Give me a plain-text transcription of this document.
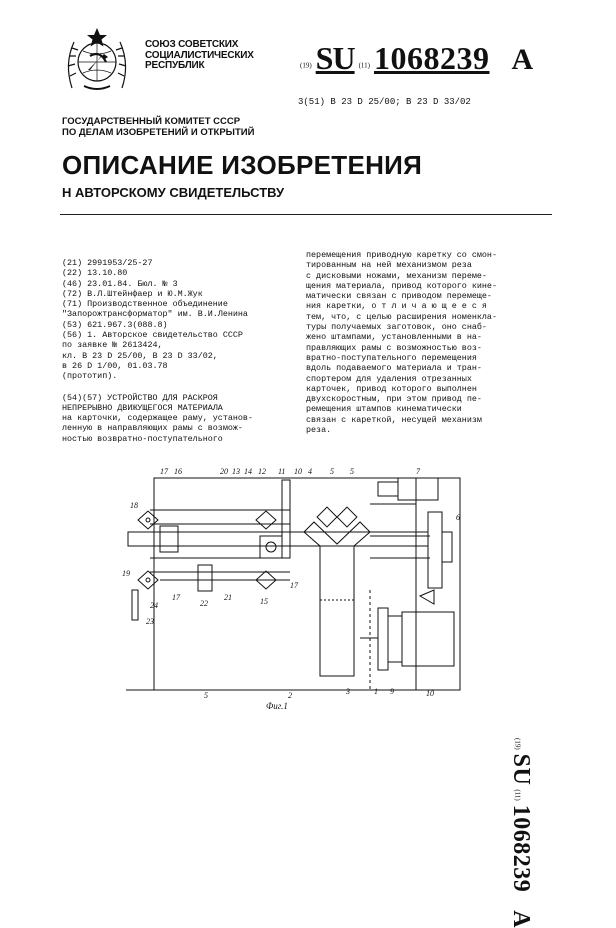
СОЮЗ СОВЕТСКИХ
СОЦИАЛИСТИЧЕСКИХ
РЕСПУБЛИК	(19) SU (11) 1068239 A
3(51) B 23 D 25/00; B 23 D 33/02
ГОСУДАРСТВЕННЫЙ КОМИТЕТ СССР
ПО ДЕЛАМ ИЗОБРЕТЕНИЙ И ОТКРЫТИЙ
ОПИСАНИЕ ИЗОБРЕТЕНИЯ
Н АВТОРСКОМУ СВИДЕТЕЛЬСТВУ
(21) 2991953/25-27
(22) 13.10.80
(46) 23.01.84. Бюл. № 3
(72) В.Л.Штейнфаер и Ю.М.Жук
(71) Производственное объединение
"Запорожтрансформатор" им. В.И.Ленина
(53) 621.967.3(088.8)
(56) 1. Авторское свидетельство СССР
по заявке № 2613424,
кл. В 23 D 25/00, В 23 D 33/02,
в 26 D 1/00, 01.03.78
(прототип).
(54)(57) УСТРОЙСТВО ДЛЯ РАСКРОЯ
НЕПРЕРЫВНО ДВИЖУЩЕГОСЯ МАТЕРИАЛА
на карточки, содержащее раму, установ-
ленную в направляющих рамы с возмож-
ностью возвратно-поступательного
перемещения приводную каретку со смон-
тированным на ней механизмом реза
с дисковыми ножами, механизм переме-
щения материала, привод которого кине-
матически связан с приводом перемеще-
ния каретки, о т л и ч а ю щ е е с я
тем, что, с целью расширения номенкла-
туры получаемых заготовок, оно снаб-
жено штампами, установленными в на-
правляющих рамы с возможностью воз-
вратно-поступательного перемещения
вдоль подаваемого материала и тран-
спортером для удаления отрезанных
карточек, привод которого выполнен
двухскоростным, при этом привод пе-
ремещения штампов кинематически
связан с кареткой, несущей механизм
реза.
(19) SU (11) 1068239 A
18
19
17 16	20 13 14 12 11 10 4 5 5	7
6
21
22
17
24
23
15
17
3	1 9	10
5	2
Фиг.1
